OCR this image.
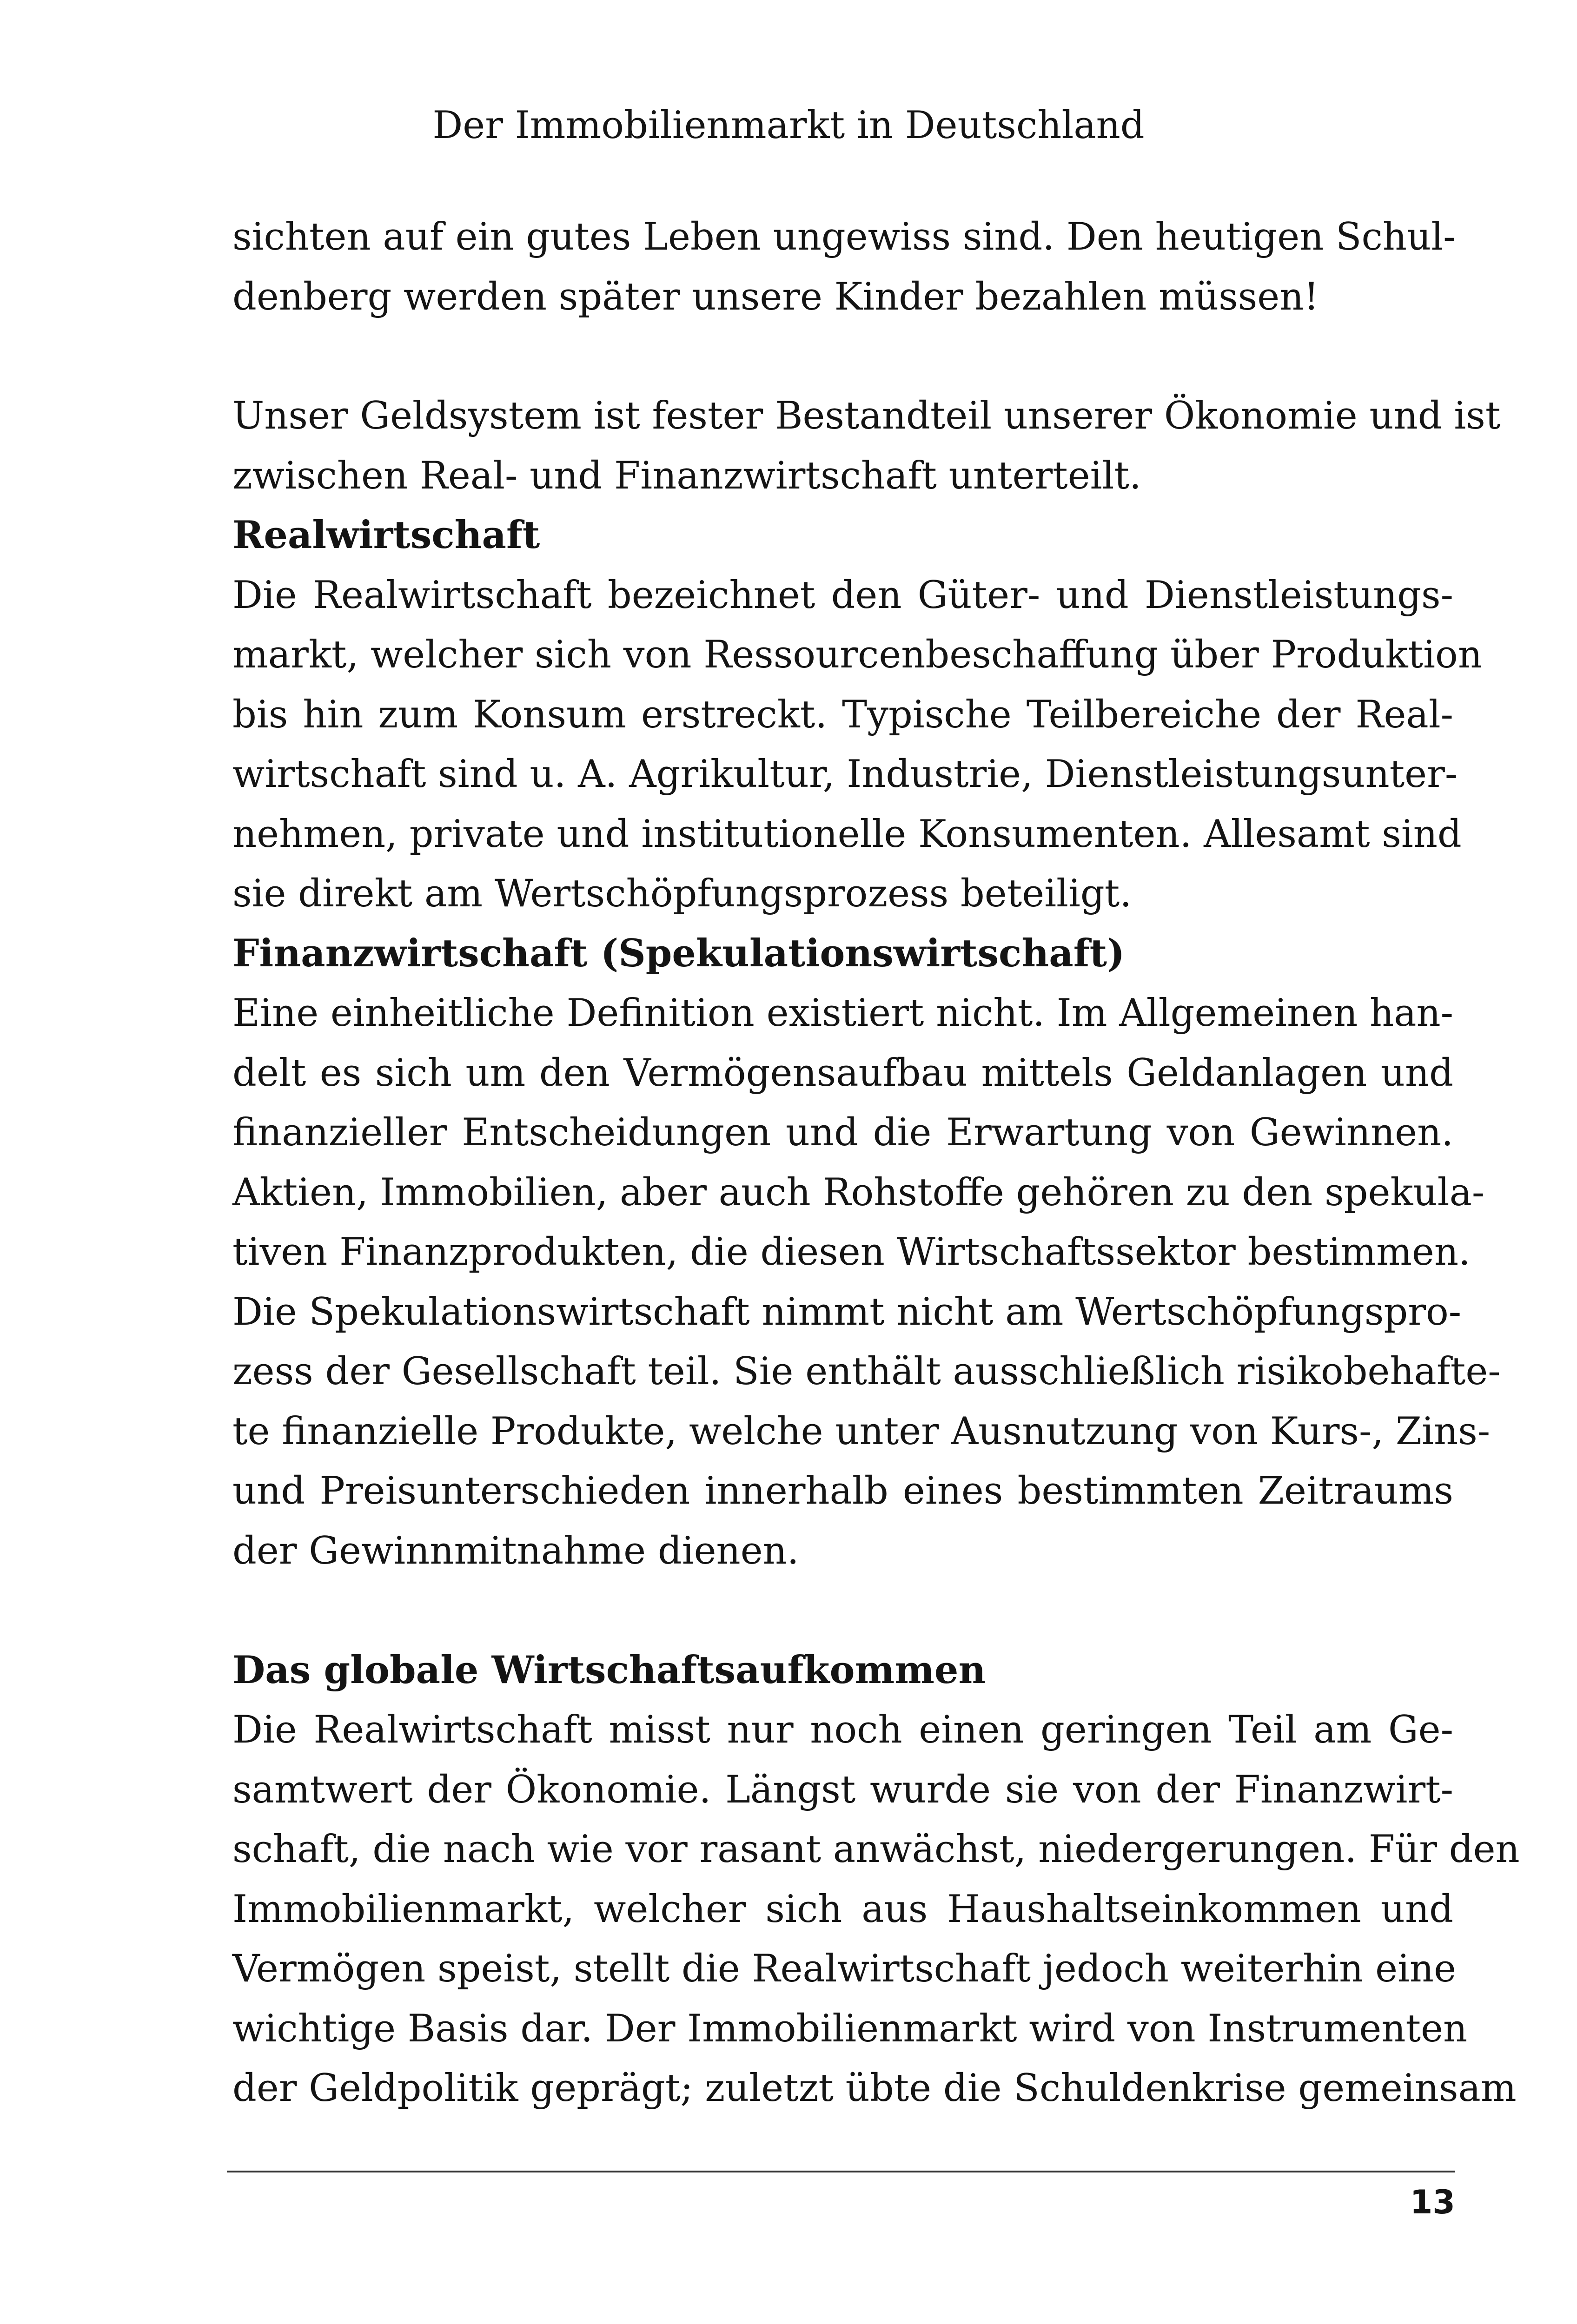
Der Immobilienmarkt in Deutschland
sichten auf ein gutes Leben ungewiss sind. Den heutigen Schul-
denberg werden später unsere Kinder bezahlen müssen!
Unser Geldsystem ist fester Bestandteil unserer Ökonomie und ist
zwischen Real- und Finanzwirtschaft unterteilt.
Realwirtschaft
Die Realwirtschaft bezeichnet den Güter- und Dienstleistungs-
markt, welcher sich von Ressourcenbeschaffung über Produktion
bis hin zum Konsum erstreckt. Typische Teilbereiche der Real-
wirtschaft sind u. A. Agrikultur, Industrie, Dienstleistungsunter-
nehmen, private und institutionelle Konsumenten. Allesamt sind
sie direkt am Wertschöpfungsprozess beteiligt.
Finanzwirtschaft (Spekulationswirtschaft)
Eine einheitliche Definition existiert nicht. Im Allgemeinen han-
delt es sich um den Vermögensaufbau mittels Geldanlagen und
finanzieller Entscheidungen und die Erwartung von Gewinnen.
Aktien, Immobilien, aber auch Rohstoffe gehören zu den spekula-
tiven Finanzprodukten, die diesen Wirtschaftssektor bestimmen.
Die Spekulationswirtschaft nimmt nicht am Wertschöpfungspro-
zess der Gesellschaft teil. Sie enthält ausschließlich risikobehafte-
te finanzielle Produkte, welche unter Ausnutzung von Kurs-, Zins-
und Preisunterschieden innerhalb eines bestimmten Zeitraums
der Gewinnmitnahme dienen.
Das globale Wirtschaftsaufkommen
Die Realwirtschaft misst nur noch einen geringen Teil am Ge-
samtwert der Ökonomie. Längst wurde sie von der Finanzwirt-
schaft, die nach wie vor rasant anwächst, niedergerungen. Für den
Immobilienmarkt, welcher sich aus Haushaltseinkommen und
Vermögen speist, stellt die Realwirtschaft jedoch weiterhin eine
wichtige Basis dar. Der Immobilienmarkt wird von Instrumenten
der Geldpolitik geprägt; zuletzt übte die Schuldenkrise gemeinsam
13
